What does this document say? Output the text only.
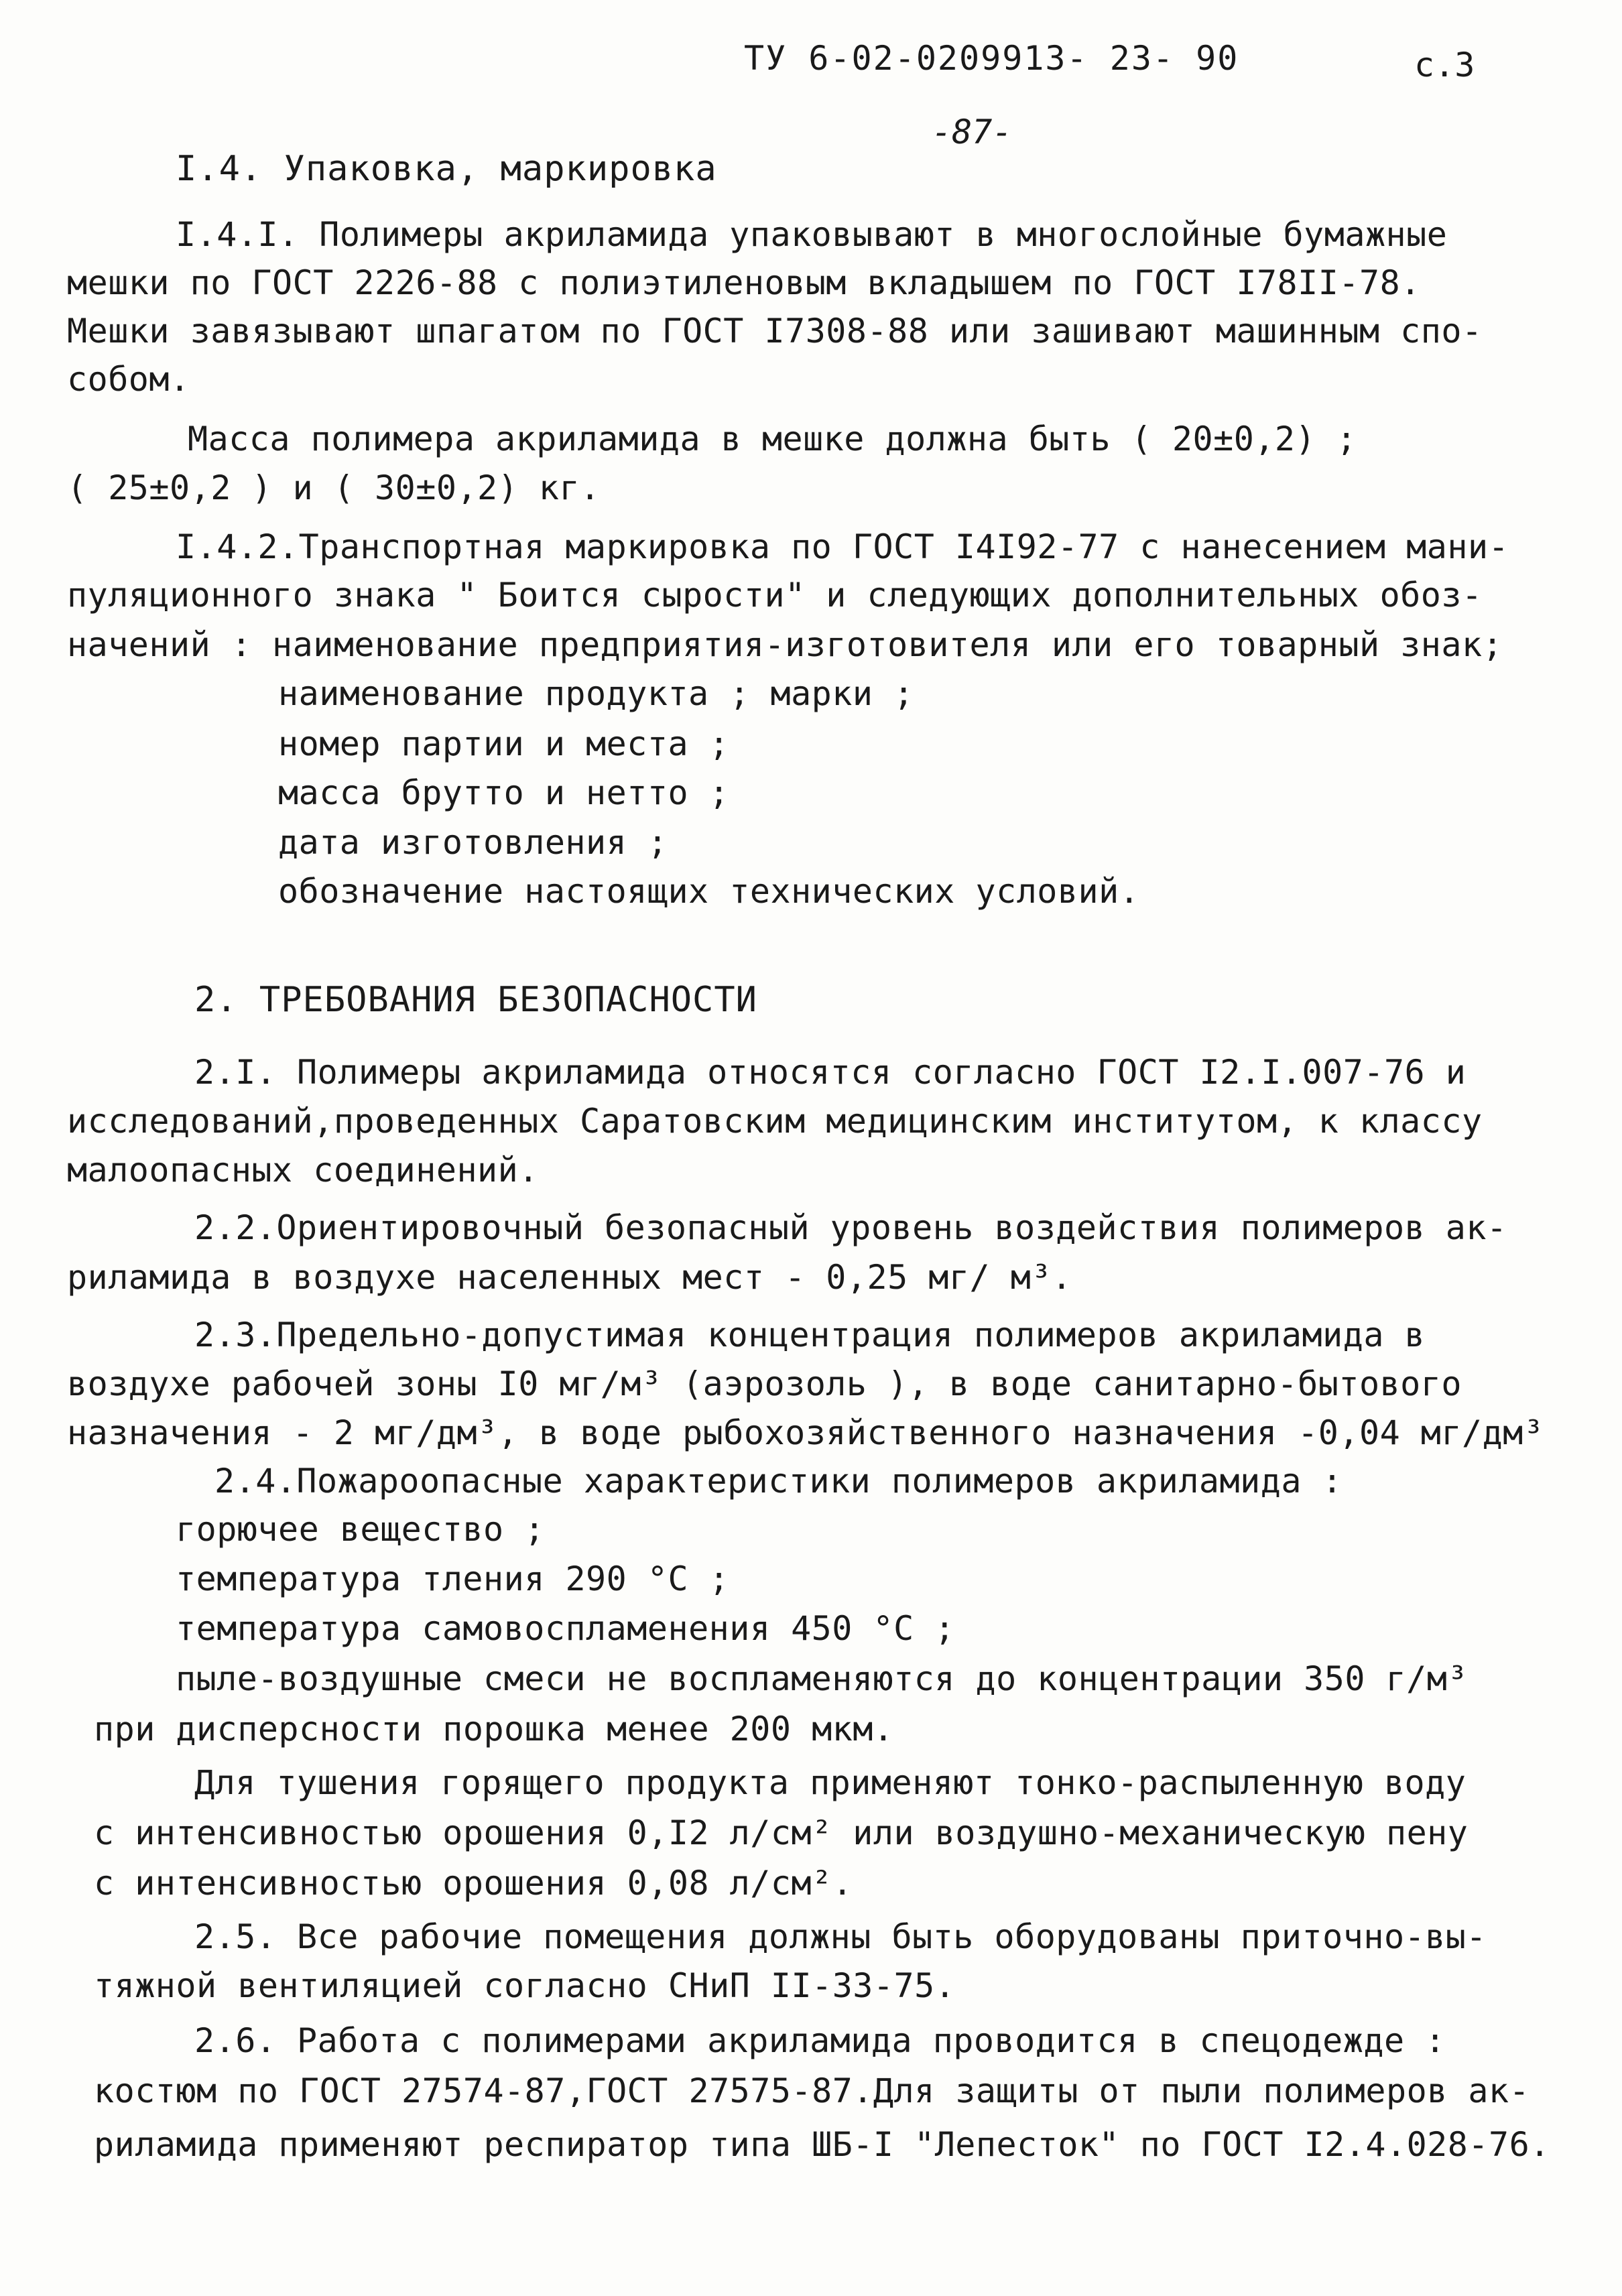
ТУ 6-02-0209913- 23- 90	с.3
-87-
I.4. Упаковка, маркировка
I.4.I. Полимеры акриламида упаковывают в многослойные бумажные
мешки по ГОСТ 2226-88 с полиэтиленовым вкладышем по ГОСТ I78II-78.
Мешки завязывают шпагатом по ГОСТ I7308-88 или зашивают машинным спо-
собом.
Масса полимера акриламида в мешке должна быть ( 20±0,2) ;
( 25±0,2 ) и ( 30±0,2) кг.
I.4.2.Транспортная маркировка по ГОСТ I4I92-77 с нанесением мани-
пуляционного знака " Боится сырости" и следующих дополнительных обоз-
начений : наименование предприятия-изготовителя или его товарный знак;
наименование продукта ; марки ;
номер партии и места ;
масса брутто и нетто ;
дата изготовления ;
обозначение настоящих технических условий.
2. ТРЕБОВАНИЯ БЕЗОПАСНОСТИ
2.I. Полимеры акриламида относятся согласно ГОСТ I2.I.007-76 и
исследований,проведенных Саратовским медицинским институтом, к классу
малоопасных соединений.
2.2.Ориентировочный безопасный уровень воздействия полимеров ак-
риламида в воздухе населенных мест - 0,25 мг/ м³.
2.3.Предельно-допустимая концентрация полимеров акриламида в
воздухе рабочей зоны I0 мг/м³ (аэрозоль ), в воде санитарно-бытового
назначения - 2 мг/дм³, в воде рыбохозяйственного назначения -0,04 мг/дм³
2.4.Пожароопасные характеристики полимеров акриламида :
горючее вещество ;
температура тления 290 °С ;
температура самовоспламенения 450 °С ;
пыле-воздушные смеси не воспламеняются до концентрации 350 г/м³
при дисперсности порошка менее 200 мкм.
Для тушения горящего продукта применяют тонко-распыленную воду
с интенсивностью орошения 0,I2 л/см² или воздушно-механическую пену
с интенсивностью орошения 0,08 л/см².
2.5. Все рабочие помещения должны быть оборудованы приточно-вы-
тяжной вентиляцией согласно СНиП II-33-75.
2.6. Работа с полимерами акриламида проводится в спецодежде :
костюм по ГОСТ 27574-87,ГОСТ 27575-87.Для защиты от пыли полимеров ак-
риламида применяют респиратор типа ШБ-I "Лепесток" по ГОСТ I2.4.028-76.
